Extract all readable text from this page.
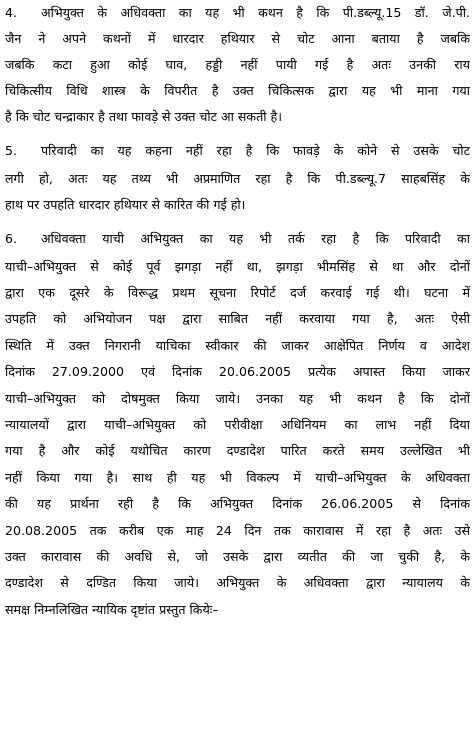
4. अभियुक्त के अधिवक्ता का यह भी कथन है कि पी.डब्ल्यू.15 डॉ. जे.पी.
जैन ने अपने कथनों में धारदार हथियार से चोट आना बताया है जबकि
जबकि कटा हुआ कोई घाव, हड्डी नहीं पायी गई है अतः उनकी राय
चिकित्सीय विधि शास्त्र के विपरीत है उक्त चिकित्सक द्वारा यह भी माना गया
है कि चोट चन्द्राकार है तथा फावड़े से उक्त चोट आ सकती है।
5. परिवादी का यह कहना नहीं रहा है कि फावड़े के कोने से उसके चोट
लगी हो, अतः यह तथ्य भी अप्रमाणित रहा है कि पी.डब्ल्यू.7 साहबसिंह के
हाथ पर उपहति धारदार हथियार से कारित की गई हो।
6. अधिवक्ता याची अभियुक्त का यह भी तर्क रहा है कि परिवादी का
याची–अभियुक्त से कोई पूर्व झगड़ा नहीं था, झगड़ा भीमसिंह से था और दोनों
द्वारा एक दूसरे के विरूद्ध प्रथम सूचना रिपोर्ट दर्ज करवाई गई थी। घटना में
उपहति को अभियोजन पक्ष द्वारा साबित नहीं करवाया गया है, अतः ऐसी
स्थिति में उक्त निगरानी याचिका स्वीकार की जाकर आक्षेपित निर्णय व आदेश
दिनांक 27.09.2000 एवं दिनांक 20.06.2005 प्रत्येक अपास्त किया जाकर
याची–अभियुक्त को दोषमुक्त किया जाये। उनका यह भी कथन है कि दोनों
न्यायालयों द्वारा याची–अभियुक्त को परीवीक्षा अधिनियम का लाभ नहीं दिया
गया है और कोई यथोचित कारण दण्डादेश पारित करते समय उल्लेखित भी
नहीं किया गया है। साथ ही यह भी विकल्प में याची–अभियुक्त के अधिवक्ता
की यह प्रार्थना रही है कि अभियुक्त दिनांक 26.06.2005 से दिनांक
20.08.2005 तक करीब एक माह 24 दिन तक कारावास में रहा है अतः उसे
उक्त कारावास की अवधि से, जो उसके द्वारा व्यतीत की जा चुकी है, के
दण्डादेश से दण्डित किया जाये। अभियुक्त के अधिवक्ता द्वारा न्यायालय के
समक्ष निम्नलिखित न्यायिक दृष्टांत प्रस्तुत कियेः–
